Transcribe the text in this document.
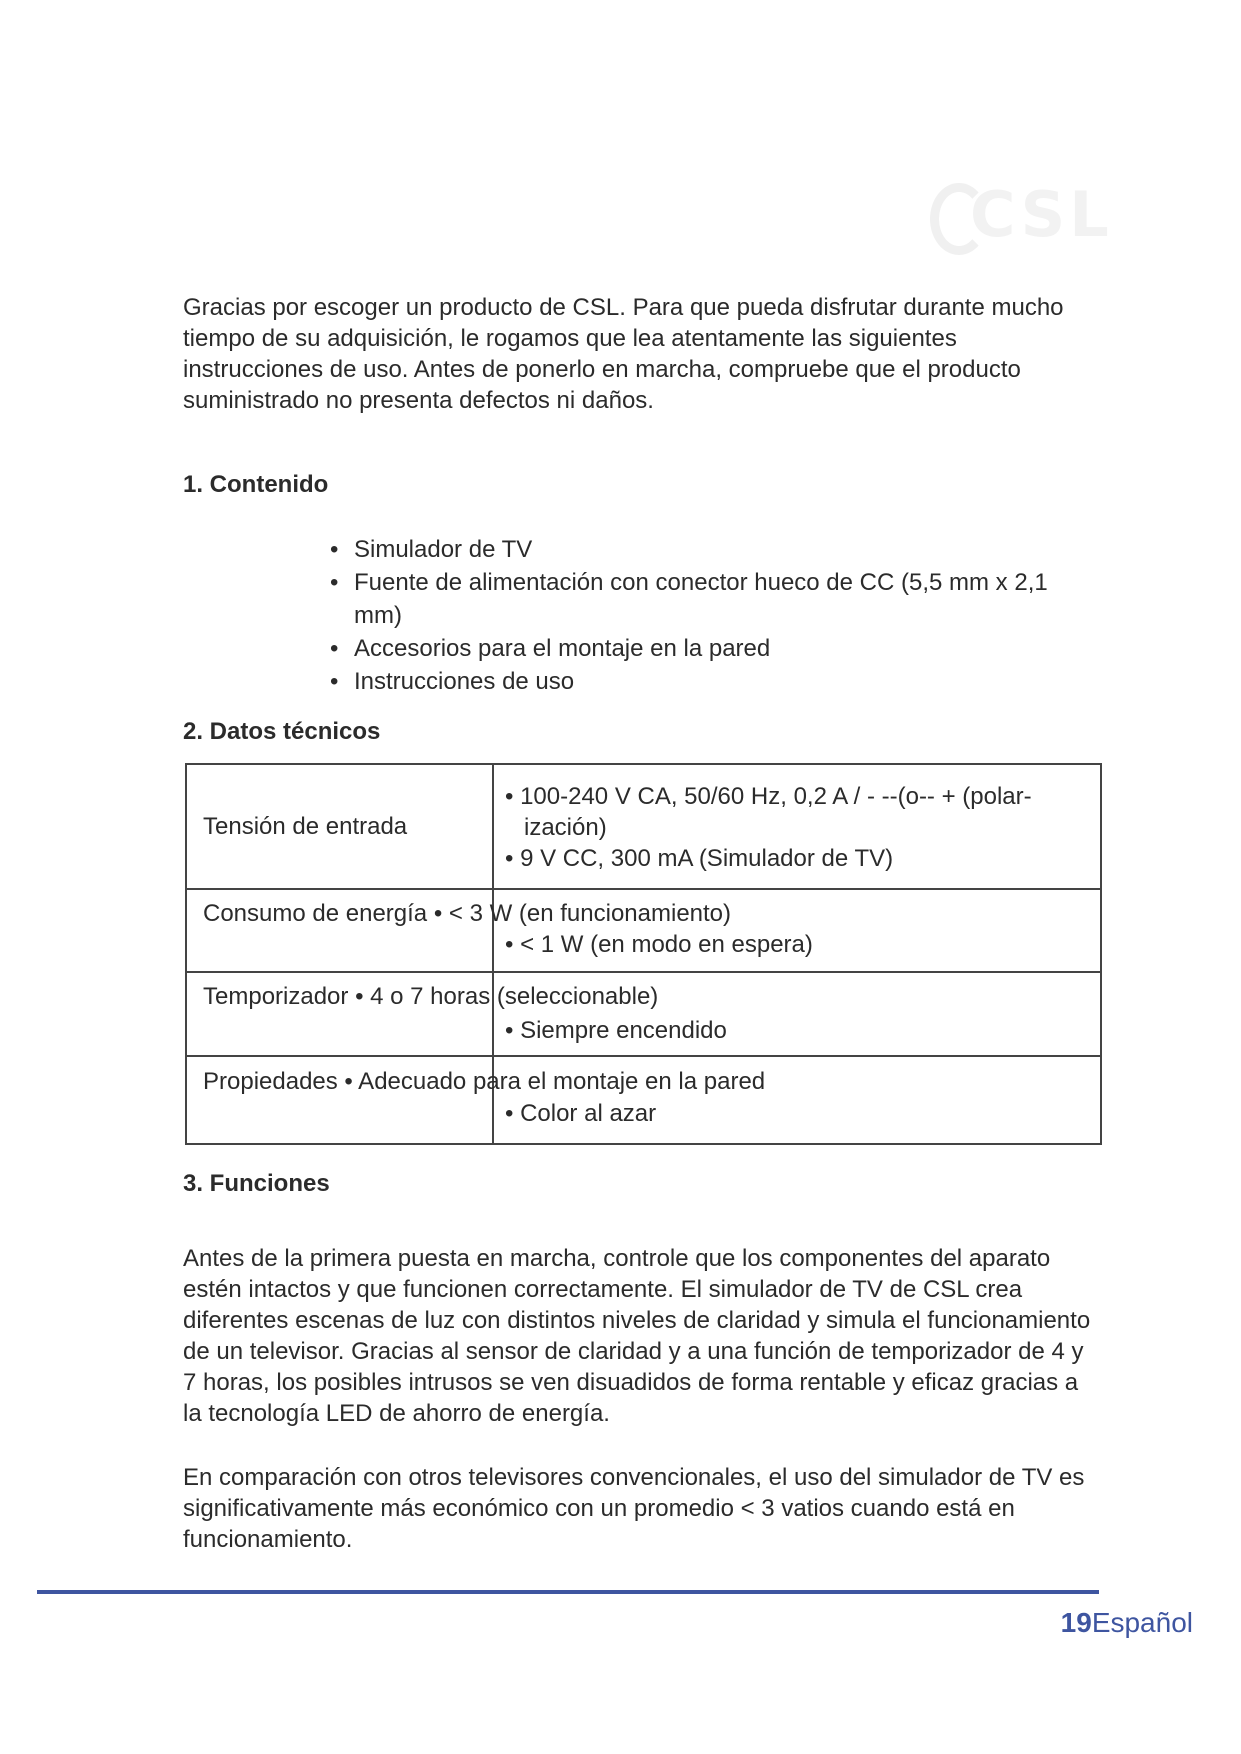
CSL

Gracias por escoger un producto de CSL. Para que pueda disfrutar durante mucho tiempo de su adquisición, le rogamos que lea atentamente las siguientes instrucciones de uso. Antes de ponerlo en marcha, compruebe que el producto suministrado no presenta defectos ni daños.

1. Contenido
• Simulador de TV
• Fuente de alimentación con conector hueco de CC (5,5 mm x 2,1 mm)
• Accesorios para el montaje en la pared
• Instrucciones de uso
2. Datos técnicos

Tensión de entrada

• 100-240 V CA, 50/60 Hz, 0,2 A / - --(o-- + (polar-

ización)

• 9 V CC, 300 mA (Simulador de TV)

Consumo de energía • < 3 W (en funcionamiento)

• < 1 W (en modo en espera)

Temporizador • 4 o 7 horas (seleccionable)

• Siempre encendido

Propiedades • Adecuado para el montaje en la pared

• Color al azar

3. Funciones

Antes de la primera puesta en marcha, controle que los componentes del aparato estén intactos y que funcionen correctamente. El simulador de TV de CSL crea diferentes escenas de luz con distintos niveles de claridad y simula el funcionamiento de un televisor. Gracias al sensor de claridad y a una función de temporizador de 4 y 7 horas, los posibles intrusos se ven disuadidos de forma rentable y eficaz gracias a la tecnología LED de ahorro de energía.

En comparación con otros televisores convencionales, el uso del simulador de TV es significativamente más económico con un promedio < 3 vatios cuando está en funcionamiento.

19Español
